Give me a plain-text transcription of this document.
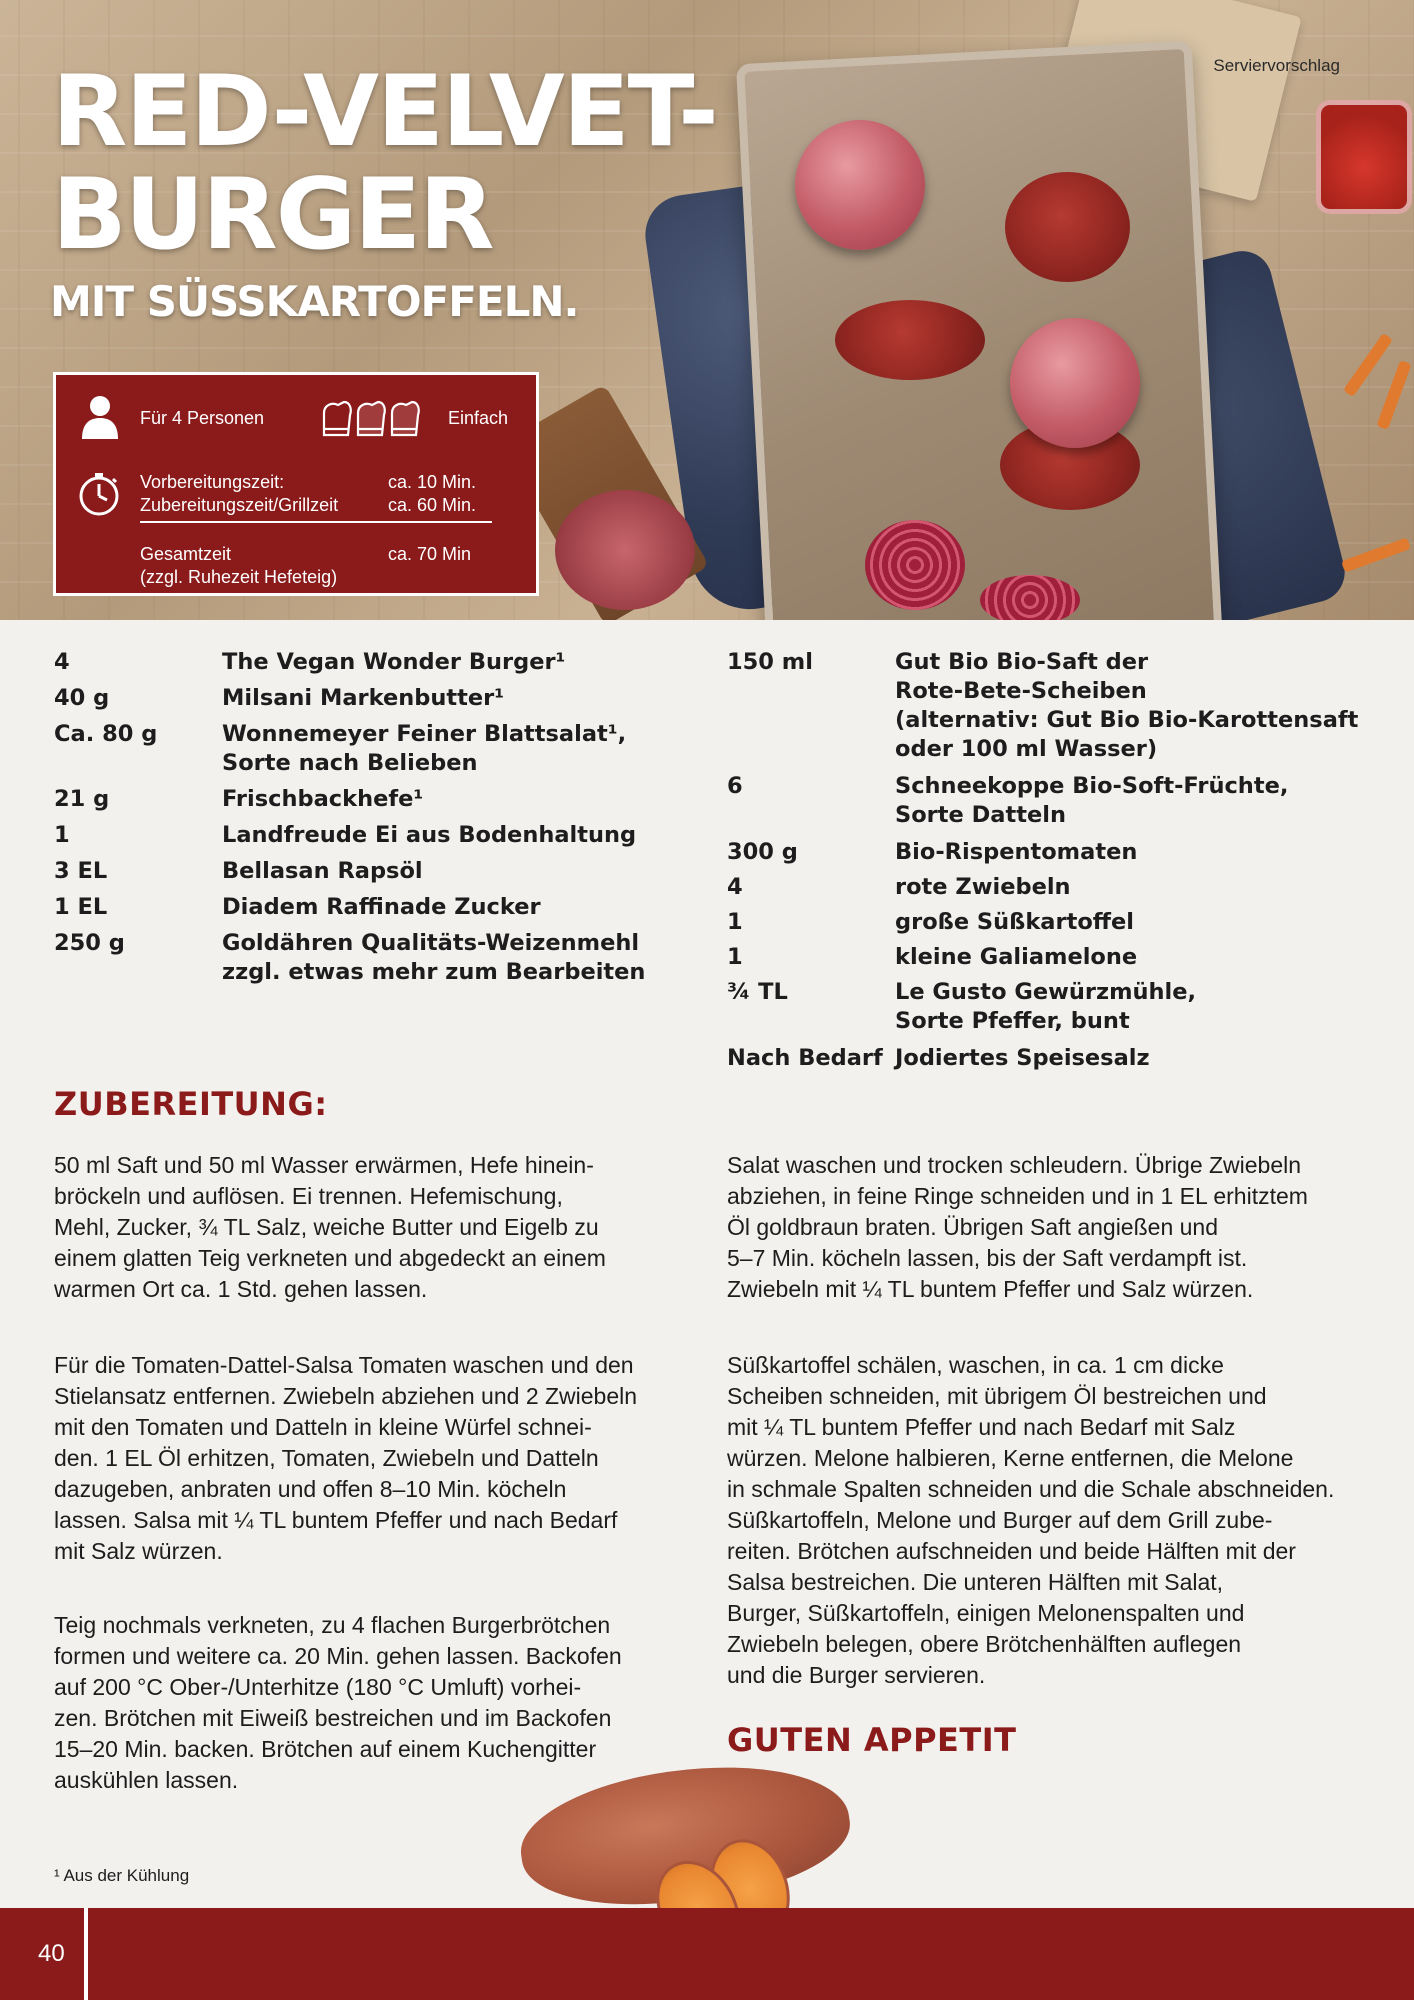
Serviervorschlag
RED-VELVET-
BURGER
MIT SÜSSKARTOFFELN.
Für 4 Personen	Einfach
Vorbereitungszeit:	ca. 10 Min.
Zubereitungszeit/Grillzeit	ca. 60 Min.
Gesamtzeit	ca. 70 Min
(zzgl. Ruhezeit Hefeteig)
4	The Vegan Wonder Burger¹
40 g	Milsani Markenbutter¹
Ca. 80 g	Wonnemeyer Feiner Blattsalat¹,
Sorte nach Belieben
21 g	Frischbackhefe¹
1	Landfreude Ei aus Bodenhaltung
3 EL	Bellasan Rapsöl
1 EL	Diadem Raffinade Zucker
250 g	Goldähren Qualitäts-Weizenmehl
zzgl. etwas mehr zum Bearbeiten
150 ml	Gut Bio Bio-Saft der
Rote-Bete-Scheiben
(alternativ: Gut Bio Bio-Karottensaft
oder 100 ml Wasser)
6	Schneekoppe Bio-Soft-Früchte,
Sorte Datteln
300 g	Bio-Rispentomaten
4	rote Zwiebeln
1	große Süßkartoffel
1	kleine Galiamelone
¾ TL	Le Gusto Gewürzmühle,
Sorte Pfeffer, bunt
Nach Bedarf Jodiertes Speisesalz
ZUBEREITUNG:

50 ml Saft und 50 ml Wasser erwärmen, Hefe hinein-
bröckeln und auflösen. Ei trennen. Hefemischung,
Mehl, Zucker, ¾ TL Salz, weiche Butter und Eigelb zu
einem glatten Teig verkneten und abgedeckt an einem
warmen Ort ca. 1 Std. gehen lassen.

Für die Tomaten-Dattel-Salsa Tomaten waschen und den
Stielansatz entfernen. Zwiebeln abziehen und 2 Zwiebeln
mit den Tomaten und Datteln in kleine Würfel schnei-
den. 1 EL Öl erhitzen, Tomaten, Zwiebeln und Datteln
dazugeben, anbraten und offen 8–10 Min. köcheln
lassen. Salsa mit ¼ TL buntem Pfeffer und nach Bedarf
mit Salz würzen.

Teig nochmals verkneten, zu 4 flachen Burgerbrötchen
formen und weitere ca. 20 Min. gehen lassen. Backofen
auf 200 °C Ober-/Unterhitze (180 °C Umluft) vorhei-
zen. Brötchen mit Eiweiß bestreichen und im Backofen
15–20 Min. backen. Brötchen auf einem Kuchengitter
auskühlen lassen.

Salat waschen und trocken schleudern. Übrige Zwiebeln
abziehen, in feine Ringe schneiden und in 1 EL erhitztem
Öl goldbraun braten. Übrigen Saft angießen und
5–7 Min. köcheln lassen, bis der Saft verdampft ist.
Zwiebeln mit ¼ TL buntem Pfeffer und Salz würzen.

Süßkartoffel schälen, waschen, in ca. 1 cm dicke
Scheiben schneiden, mit übrigem Öl bestreichen und
mit ¼ TL buntem Pfeffer und nach Bedarf mit Salz
würzen. Melone halbieren, Kerne entfernen, die Melone
in schmale Spalten schneiden und die Schale abschneiden.
Süßkartoffeln, Melone und Burger auf dem Grill zube-
reiten. Brötchen aufschneiden und beide Hälften mit der
Salsa bestreichen. Die unteren Hälften mit Salat,
Burger, Süßkartoffeln, einigen Melonenspalten und
Zwiebeln belegen, obere Brötchenhälften auflegen
und die Burger servieren.

GUTEN APPETIT
¹ Aus der Kühlung
40
